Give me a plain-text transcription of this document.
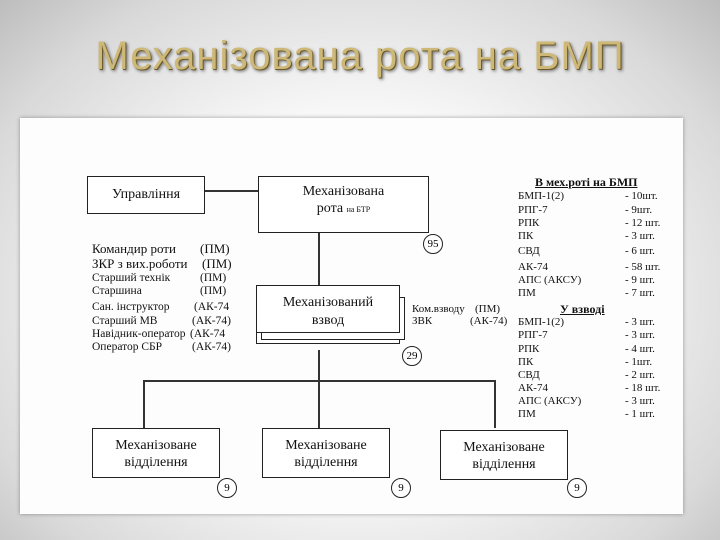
Механізована рота на БМП
Управління	Механізована
рота на БТР
95
Механізований
взвод
29
Механізоване
відділення
9
Механізоване
відділення
9
Механізоване
відділення
9
Командир роти (ПМ)
ЗКР з вих.роботи (ПМ)
Старший технік	(ПМ)
Старшина	(ПМ)
Сан. інструктор (АК-74
Старший МВ	(АК-74)
Навідник-оператор (АК-74
Оператор СБР	(АК-74)
Ком.взводу (ПМ)
ЗВК	(АК-74)
В мех.роті на БМП
БМП-1(2)	- 10шт.
РПГ-7	- 9шт.
РПК	- 12 шт.
ПК	- 3 шт.
СВД	- 6 шт.
АК-74	- 58 шт.
АПС (АКСУ)	- 9 шт.
ПМ	- 7 шт.
У взводі
БМП-1(2)	- 3 шт.
РПГ-7	- 3 шт.
РПК	- 4 шт.
ПК	- 1шт.
СВД	- 2 шт.
АК-74	- 18 шт.
АПС (АКСУ)	- 3 шт.
ПМ	- 1 шт.
